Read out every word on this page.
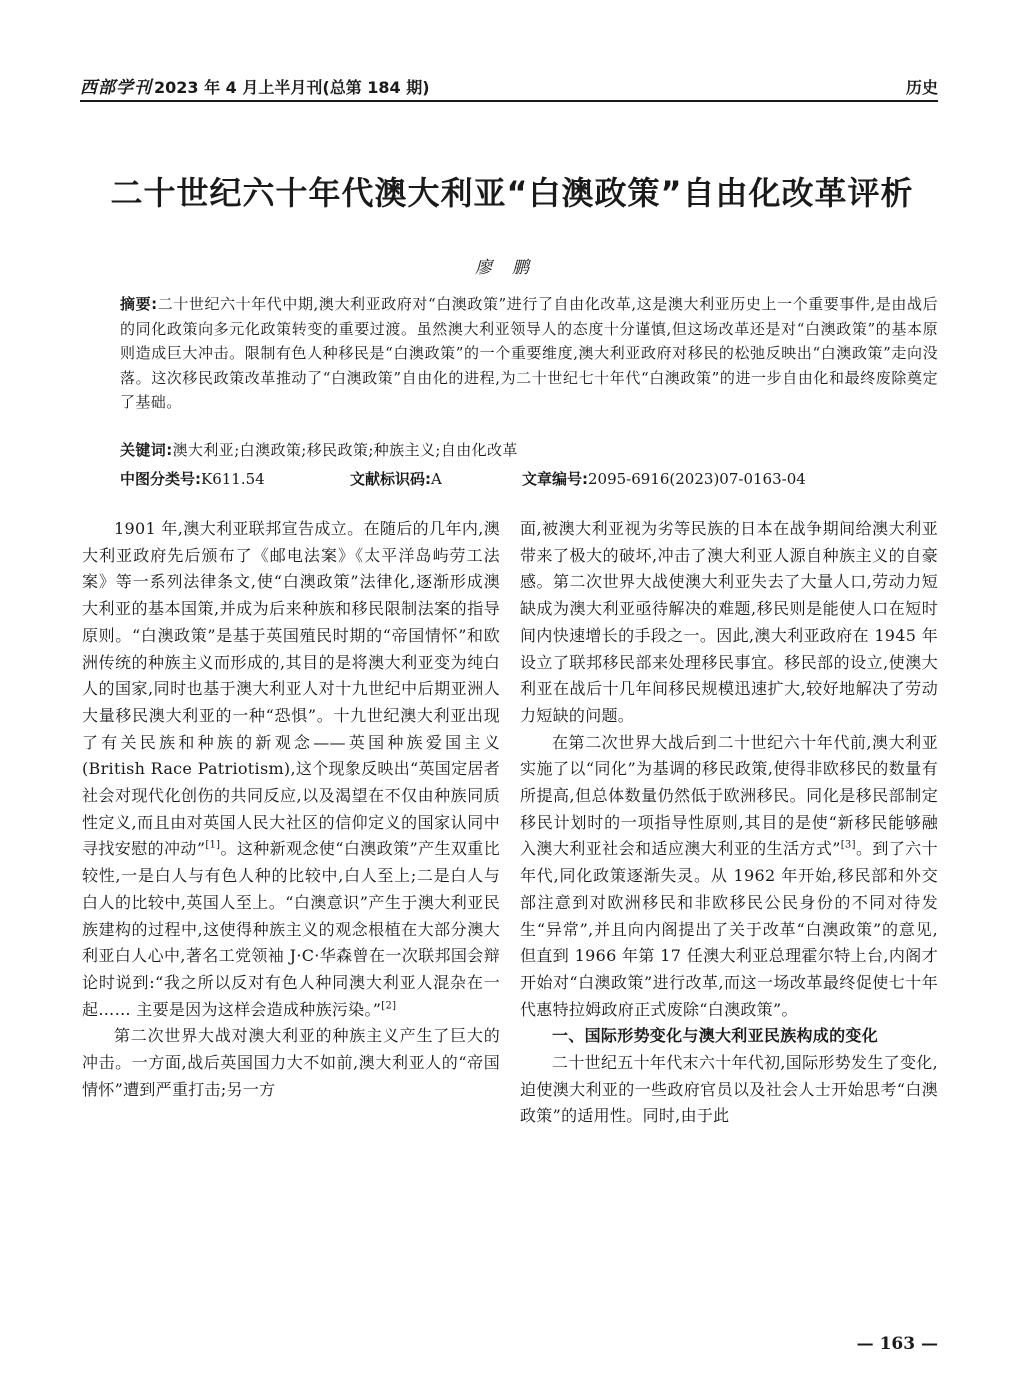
西部学刊 2023 年 4 月上半月刊(总第 184 期)	历史
二十世纪六十年代澳大利亚“白澳政策”自由化改革评析
廖鹏
摘要:二十世纪六十年代中期,澳大利亚政府对“白澳政策”进行了自由化改革,这是澳大利亚历史上一个重要事件,是由战后的同化政策向多元化政策转变的重要过渡。虽然澳大利亚领导人的态度十分谨慎,但这场改革还是对“白澳政策”的基本原则造成巨大冲击。限制有色人种移民是“白澳政策”的一个重要维度,澳大利亚政府对移民的松弛反映出“白澳政策”走向没落。这次移民政策改革推动了“白澳政策”自由化的进程,为二十世纪七十年代“白澳政策”的进一步自由化和最终废除奠定了基础。
关键词:澳大利亚;白澳政策;移民政策;种族主义;自由化改革
中图分类号:K611.54	文献标识码:A	文章编号:2095-6916(2023)07-0163-04

1901 年,澳大利亚联邦宣告成立。在随后的几年内,澳大利亚政府先后颁布了《邮电法案》《太平洋岛屿劳工法案》等一系列法律条文,使“白澳政策”法律化,逐渐形成澳大利亚的基本国策,并成为后来种族和移民限制法案的指导原则。“白澳政策”是基于英国殖民时期的“帝国情怀”和欧洲传统的种族主义而形成的,其目的是将澳大利亚变为纯白人的国家,同时也基于澳大利亚人对十九世纪中后期亚洲人大量移民澳大利亚的一种“恐惧”。十九世纪澳大利亚出现了有关民族和种族的新观念——英国种族爱国主义(British Race Patriotism),这个现象反映出“英国定居者社会对现代化创伤的共同反应,以及渴望在不仅由种族同质性定义,而且由对英国人民大社区的信仰定义的国家认同中寻找安慰的冲动”[1]。这种新观念使“白澳政策”产生双重比较性,一是白人与有色人种的比较中,白人至上;二是白人与白人的比较中,英国人至上。“白澳意识”产生于澳大利亚民族建构的过程中,这使得种族主义的观念根植在大部分澳大利亚白人心中,著名工党领袖 J·C·华森曾在一次联邦国会辩论时说到:“我之所以反对有色人种同澳大利亚人混杂在一起…… 主要是因为这样会造成种族污染。”[2]

第二次世界大战对澳大利亚的种族主义产生了巨大的冲击。一方面,战后英国国力大不如前,澳大利亚人的“帝国情怀”遭到严重打击;另一方

面,被澳大利亚视为劣等民族的日本在战争期间给澳大利亚带来了极大的破坏,冲击了澳大利亚人源自种族主义的自豪感。第二次世界大战使澳大利亚失去了大量人口,劳动力短缺成为澳大利亚亟待解决的难题,移民则是能使人口在短时间内快速增长的手段之一。因此,澳大利亚政府在 1945 年设立了联邦移民部来处理移民事宜。移民部的设立,使澳大利亚在战后十几年间移民规模迅速扩大,较好地解决了劳动力短缺的问题。

在第二次世界大战后到二十世纪六十年代前,澳大利亚实施了以“同化”为基调的移民政策,使得非欧移民的数量有所提高,但总体数量仍然低于欧洲移民。同化是移民部制定移民计划时的一项指导性原则,其目的是使“新移民能够融入澳大利亚社会和适应澳大利亚的生活方式”[3]。到了六十年代,同化政策逐渐失灵。从 1962 年开始,移民部和外交部注意到对欧洲移民和非欧移民公民身份的不同对待发生“异常”,并且向内阁提出了关于改革“白澳政策”的意见,但直到 1966 年第 17 任澳大利亚总理霍尔特上台,内阁才开始对“白澳政策”进行改革,而这一场改革最终促使七十年代惠特拉姆政府正式废除“白澳政策”。

一、国际形势变化与澳大利亚民族构成的变化

二十世纪五十年代末六十年代初,国际形势发生了变化,迫使澳大利亚的一些政府官员以及社会人士开始思考“白澳政策”的适用性。同时,由于此

— 163 —
